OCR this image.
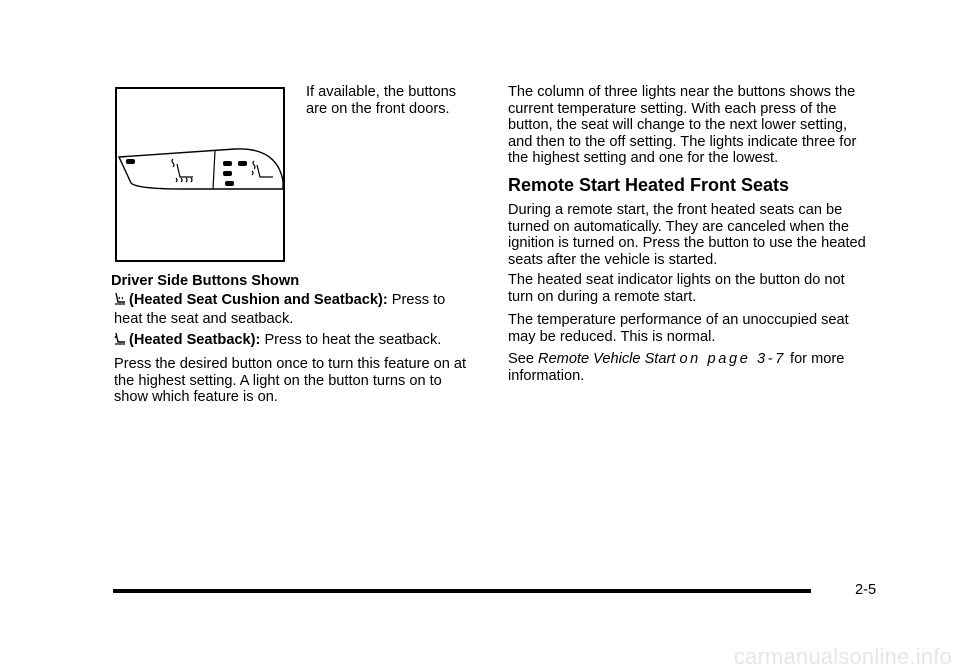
If available, the buttons are on the front doors.
Driver Side Buttons Shown
(Heated Seat Cushion and Seatback): Press to heat the seat and seatback.
(Heated Seatback): Press to heat the seatback.
Press the desired button once to turn this feature on at the highest setting. A light on the button turns on to show which feature is on.
The column of three lights near the buttons shows the current temperature setting. With each press of the button, the seat will change to the next lower setting, and then to the off setting. The lights indicate three for the highest setting and one for the lowest.
Remote Start Heated Front Seats
During a remote start, the front heated seats can be turned on automatically. They are canceled when the ignition is turned on. Press the button to use the heated seats after the vehicle is started.
The heated seat indicator lights on the button do not turn on during a remote start.
The temperature performance of an unoccupied seat may be reduced. This is normal.
See Remote Vehicle Start on page 3-7 for more information.
2-5
carmanualsonline.info
